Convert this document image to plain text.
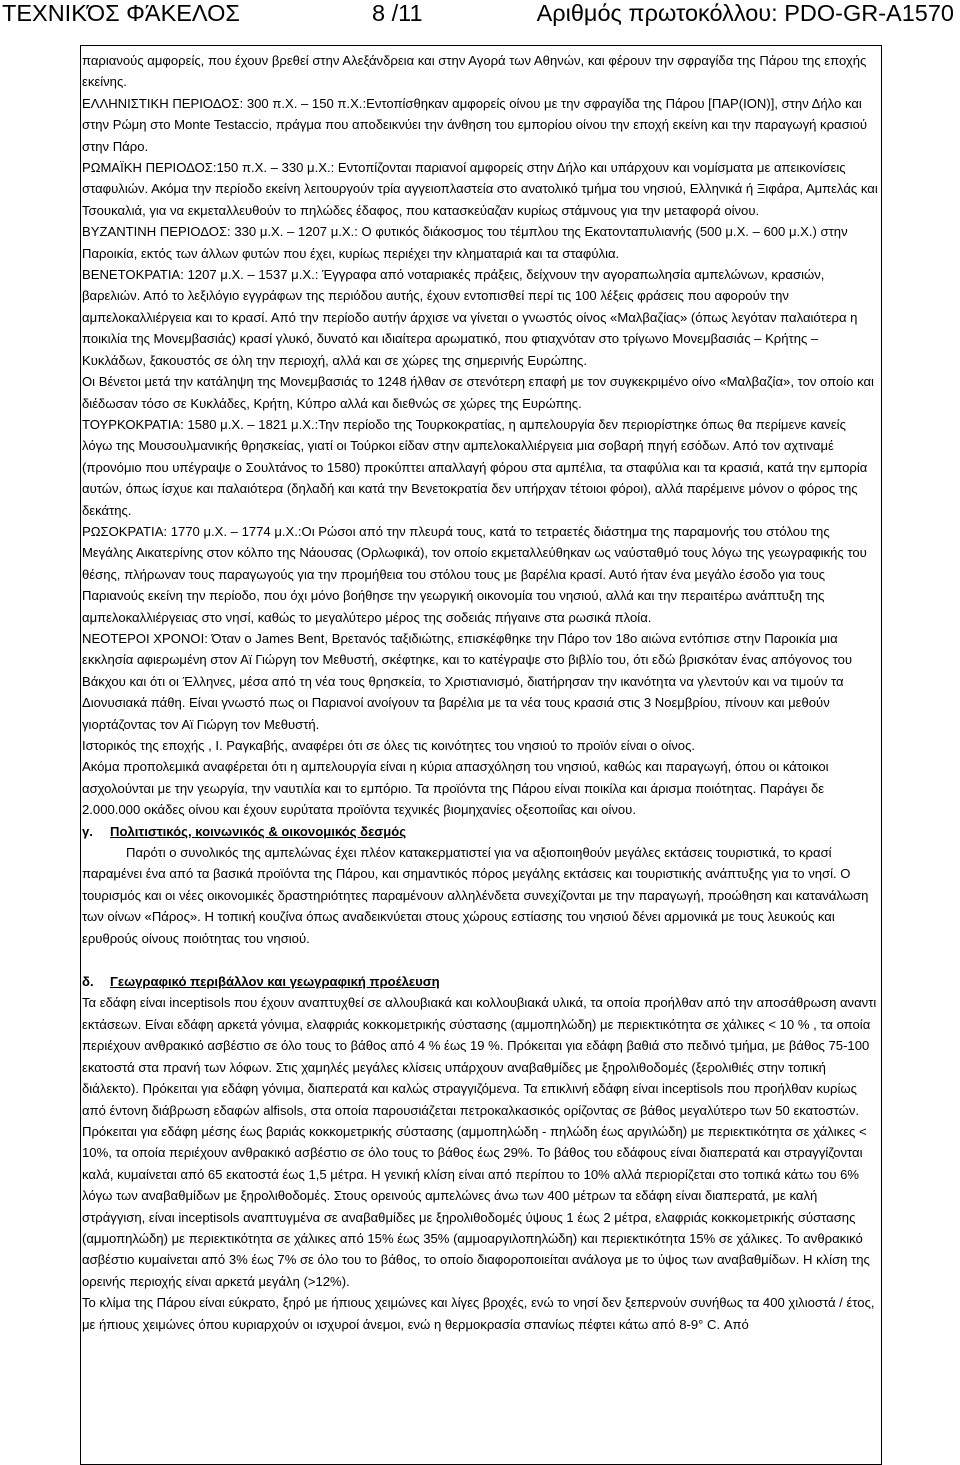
ΤΕΧΝΙΚΌΣ ΦΆΚΕΛΟΣ	8 /11	Αριθμός πρωτοκόλλου: PDO-GR-A1570

παριανούς αμφορείς, που έχουν βρεθεί στην Αλεξάνδρεια και στην Αγορά των Αθηνών, και φέρουν την σφραγίδα της Πάρου της εποχής εκείνης.

ΕΛΛΗΝΙΣΤΙΚΗ ΠΕΡΙΟΔΟΣ: 300 π.Χ. – 150 π.Χ.:Εντοπίσθηκαν αμφορείς οίνου με την σφραγίδα της Πάρου [ΠΑΡ(ΙΟΝ)], στην Δήλο και στην Ρώμη στο Monte Testaccio, πράγμα που αποδεικνύει την άνθηση του εμπορίου οίνου την εποχή εκείνη και την παραγωγή κρασιού στην Πάρο.

ΡΩΜΑΪΚΗ ΠΕΡΙΟΔΟΣ:150 π.Χ. – 330 μ.Χ.: Εντοπίζονται παριανοί αμφορείς στην Δήλο και υπάρχουν και νομίσματα με απεικονίσεις σταφυλιών. Ακόμα την περίοδο εκείνη λειτουργούν τρία αγγειοπλαστεία στο ανατολικό τμήμα του νησιού, Ελληνικά ή Ξιφάρα, Αμπελάς και Τσουκαλιά, για να εκμεταλλευθούν το πηλώδες έδαφος, που κατασκεύαζαν κυρίως στάμνους για την μεταφορά οίνου.

ΒΥΖΑΝΤΙΝΗ ΠΕΡΙΟΔΟΣ: 330 μ.Χ. – 1207 μ.Χ.: Ο φυτικός διάκοσμος του τέμπλου της Εκατονταπυλιανής (500 μ.Χ. – 600 μ.Χ.) στην Παροικία, εκτός των άλλων φυτών που έχει, κυρίως περιέχει την κληματαριά και τα σταφύλια.

ΒΕΝΕΤΟΚΡΑΤΙΑ: 1207 μ.Χ. – 1537 μ.Χ.: Έγγραφα από νοταριακές πράξεις, δείχνουν την αγοραπωλησία αμπελώνων, κρασιών, βαρελιών. Από το λεξιλόγιο εγγράφων της περιόδου αυτής, έχουν εντοπισθεί περί τις 100 λέξεις φράσεις που αφορούν την αμπελοκαλλιέργεια και το κρασί. Από την περίοδο αυτήν άρχισε να γίνεται ο γνωστός οίνος «Μαλβαζίας» (όπως λεγόταν παλαιότερα η ποικιλία της Μονεμβασιάς) κρασί γλυκό, δυνατό και ιδιαίτερα αρωματικό, που φτιαχνόταν στο τρίγωνο Μονεμβασιάς – Κρήτης – Κυκλάδων, ξακουστός σε όλη την περιοχή, αλλά και σε χώρες της σημερινής Ευρώπης.

Οι Βένετοι μετά την κατάληψη της Μονεμβασιάς το 1248 ήλθαν σε στενότερη επαφή με τον συγκεκριμένο οίνο «Μαλβαζία», τον οποίο και διέδωσαν τόσο σε Κυκλάδες, Κρήτη, Κύπρο αλλά και διεθνώς σε χώρες της Ευρώπης.

ΤΟΥΡΚΟΚΡΑΤΙΑ: 1580 μ.Χ. – 1821 μ.Χ.:Την περίοδο της Τουρκοκρατίας, η αμπελουργία δεν περιορίστηκε όπως θα περίμενε κανείς λόγω της Μουσουλμανικής θρησκείας, γιατί οι Τούρκοι είδαν στην αμπελοκαλλιέργεια μια σοβαρή πηγή εσόδων. Από τον αχτιναμέ (προνόμιο που υπέγραψε ο Σουλτάνος το 1580) προκύπτει απαλλαγή φόρου στα αμπέλια, τα σταφύλια και τα κρασιά, κατά την εμπορία αυτών, όπως ίσχυε και παλαιότερα (δηλαδή και κατά την Βενετοκρατία δεν υπήρχαν τέτοιοι φόροι), αλλά παρέμεινε μόνον ο φόρος της δεκάτης.

ΡΩΣΟΚΡΑΤΙΑ: 1770 μ.Χ. – 1774 μ.Χ.:Οι Ρώσοι από την πλευρά τους, κατά το τετραετές διάστημα της παραμονής του στόλου της Μεγάλης Αικατερίνης στον κόλπο της Νάουσας (Ορλωφικά), τον οποίο εκμεταλλεύθηκαν ως ναύσταθμό τους λόγω της γεωγραφικής του θέσης, πλήρωναν τους παραγωγούς για την προμήθεια του στόλου τους με βαρέλια κρασί. Αυτό ήταν ένα μεγάλο έσοδο για τους Παριανούς εκείνη την περίοδο, που όχι μόνο βοήθησε την γεωργική οικονομία του νησιού, αλλά και την περαιτέρω ανάπτυξη της αμπελοκαλλιέργειας στο νησί, καθώς το μεγαλύτερο μέρος της σοδειάς πήγαινε στα ρωσικά πλοία.

ΝΕΟΤΕΡΟΙ ΧΡΟΝΟΙ: Όταν ο James Bent, Βρετανός ταξιδιώτης, επισκέφθηκε την Πάρο τον 18ο αιώνα εντόπισε στην Παροικία μια εκκλησία αφιερωμένη στον Αϊ Γιώργη τον Μεθυστή, σκέφτηκε, και το κατέγραψε στο βιβλίο του, ότι εδώ βρισκόταν ένας απόγονος του Βάκχου και ότι οι Έλληνες, μέσα από τη νέα τους θρησκεία, το Χριστιανισμό, διατήρησαν την ικανότητα να γλεντούν και να τιμούν τα Διονυσιακά πάθη. Είναι γνωστό πως οι Παριανοί ανοίγουν τα βαρέλια με τα νέα τους κρασιά στις 3 Νοεμβρίου, πίνουν και μεθούν γιορτάζοντας τον Αϊ Γιώργη τον Μεθυστή.

Ιστορικός της εποχής , Ι. Ραγκαβής, αναφέρει ότι σε όλες τις κοινότητες του νησιού το προϊόν είναι ο οίνος.

Ακόμα προπολεμικά αναφέρεται ότι η αμπελουργία είναι η κύρια απασχόληση του νησιού, καθώς και παραγωγή, όπου οι κάτοικοι ασχολούνται με την γεωργία, την ναυτιλία και το εμπόριο. Τα προϊόντα της Πάρου είναι ποικίλα και άρισμα ποιότητας. Παράγει δε 2.000.000 οκάδες οίνου και έχουν ευρύτατα προϊόντα τεχνικές βιομηχανίες οξεοποιΐας και οίνου.

γ.	Πολιτιστικός, κοινωνικός & οικονομικός δεσμός

Παρότι ο συνολικός της αμπελώνας έχει πλέον κατακερματιστεί για να αξιοποιηθούν μεγάλες εκτάσεις τουριστικά, το κρασί παραμένει ένα από τα βασικά προϊόντα της Πάρου, και σημαντικός πόρος μεγάλης εκτάσεις και τουριστικής ανάπτυξης για το νησί. Ο τουρισμός και οι νέες οικονομικές δραστηριότητες παραμένουν αλληλένδετα συνεχίζονται με την παραγωγή, προώθηση και κατανάλωση των οίνων «Πάρος». Η τοπική κουζίνα όπως αναδεικνύεται στους χώρους εστίασης του νησιού δένει αρμονικά με τους λευκούς και ερυθρούς οίνους ποιότητας του νησιού.

δ.	Γεωγραφικό περιβάλλον και γεωγραφική προέλευση

Τα εδάφη είναι inceptisols που έχουν αναπτυχθεί σε αλλουβιακά και κολλουβιακά υλικά, τα οποία προήλθαν από την αποσάθρωση αναντι εκτάσεων. Είναι εδάφη αρκετά γόνιμα, ελαφριάς κοκκομετρικής σύστασης (αμμοπηλώδη) με περιεκτικότητα σε χάλικες < 10 % , τα οποία περιέχουν ανθρακικό ασβέστιο σε όλο τους το βάθος από 4 % έως 19 %. Πρόκειται για εδάφη βαθιά στο πεδινό τμήμα, με βάθος 75-100 εκατοστά στα πρανή των λόφων. Στις χαμηλές μεγάλες κλίσεις υπάρχουν αναβαθμίδες με ξηρολιθοδομές (ξερολιθιές στην τοπική διάλεκτο). Πρόκειται για εδάφη γόνιμα, διαπερατά και καλώς στραγγιζόμενα. Τα επικλινή εδάφη είναι inceptisols που προήλθαν κυρίως από έντονη διάβρωση εδαφών alfisols, στα οποία παρουσιάζεται πετροκαλκασικός ορίζοντας σε βάθος μεγαλύτερο των 50 εκατοστών. Πρόκειται για εδάφη μέσης έως βαριάς κοκκομετρικής σύστασης (αμμοπηλώδη - πηλώδη έως αργιλώδη) με περιεκτικότητα σε χάλικες < 10%, τα οποία περιέχουν ανθρακικό ασβέστιο σε όλο τους το βάθος έως 29%. Το βάθος του εδάφους είναι διαπερατά και στραγγίζονται καλά, κυμαίνεται από 65 εκατοστά έως 1,5 μέτρα. Η γενική κλίση είναι από περίπου το 10% αλλά περιορίζεται στο τοπικά κάτω του 6% λόγω των αναβαθμίδων με ξηρολιθοδομές. Στους ορεινούς αμπελώνες άνω των 400 μέτρων τα εδάφη είναι διαπερατά, με καλή στράγγιση, είναι inceptisols αναπτυγμένα σε αναβαθμίδες με ξηρολιθοδομές ύψους 1 έως 2 μέτρα, ελαφριάς κοκκομετρικής σύστασης (αμμοπηλώδη) με περιεκτικότητα σε χάλικες από 15% έως 35% (αμμοαργιλοπηλώδη) και περιεκτικότητα 15% σε χάλικες. Το ανθρακικό ασβέστιο κυμαίνεται από 3% έως 7% σε όλο του το βάθος, το οποίο διαφοροποιείται ανάλογα με το ύψος των αναβαθμίδων. Η κλίση της ορεινής περιοχής είναι αρκετά μεγάλη (>12%).

Το κλίμα της Πάρου είναι εύκρατο, ξηρό με ήπιους χειμώνες και λίγες βροχές, ενώ το νησί δεν ξεπερνούν συνήθως τα 400 χιλιοστά / έτος, με ήπιους χειμώνες όπου κυριαρχούν οι ισχυροί άνεμοι, ενώ η θερμοκρασία σπανίως πέφτει κάτω από 8-9° C. Από
